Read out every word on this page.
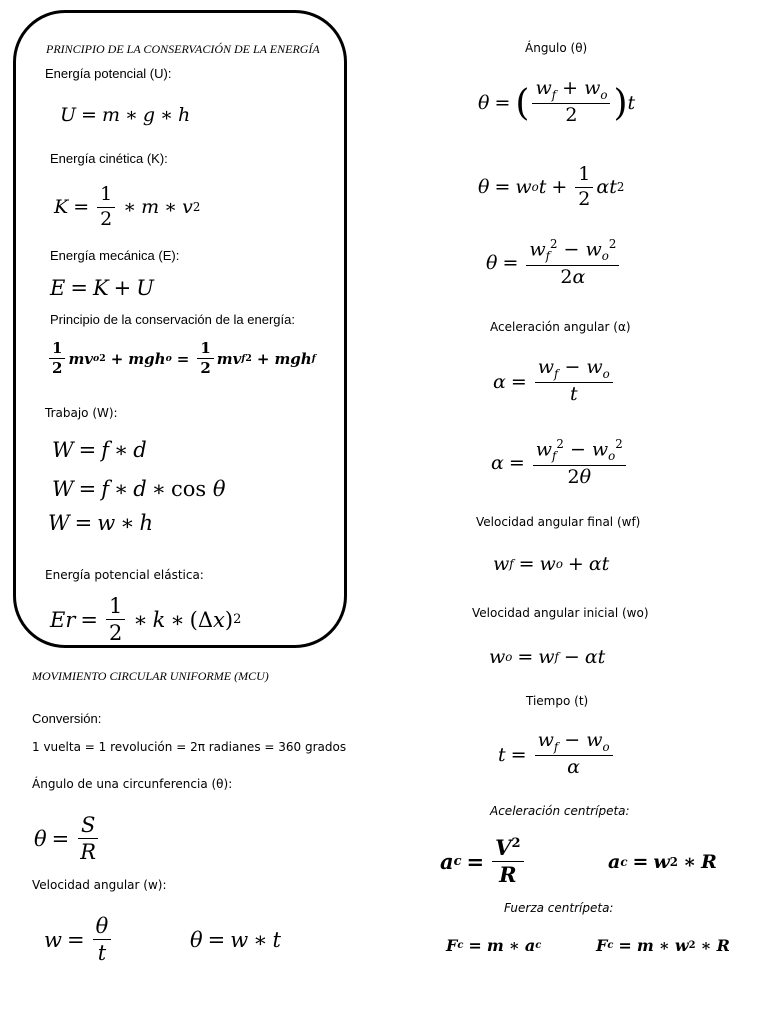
PRINCIPIO DE LA CONSERVACIÓN DE LA ENERGÍA
Energía potencial (U):
U = m ∗ g ∗ h
Energía cinética (K):
$K = \frac{1}{2}$ ∗ m ∗ v 2
Energía mecánica (E):
E = K + U
Principio de la conservación de la energía:
1
2
mv o 2 + mgh $o = \frac{1}{2}$ mv f 2 + mgh f
Trabajo (W):
W = f ∗ d
W = f ∗ d ∗ cos θ
W = w ∗ h
Energía potencial elástica:
$Er = \frac{1}{2}$ ∗ k ∗ (Δ x ) 2
MOVIMIENTO CIRCULAR UNIFORME (MCU)
Conversión:
1 vuelta = 1 revolución = 2π radianes = 360 grados
Ángulo de una circunferencia (θ):
$\theta = \frac{S}{R}$
Velocidad angular (w):
$w = \frac{\theta}{t}$	θ = w ∗ t
Ángulo (θ)
θ = ( $w_f + w_o$
2 ) t
θ = w o $t + \frac{1}{2}$ αt 2
$\theta = \frac{w_f^2 - w_o^2}{2\alpha}$
Aceleración angular (α)
$\alpha = \frac{w_f - w_o}{t}$
$\alpha = \frac{w_f^2 - w_o^2}{2\theta}$
Velocidad angular final (wf)
w f = w o + αt
Velocidad angular inicial (wo)
w o = w f − αt
Tiempo (t)
$t = \frac{w_f - w_o}{\alpha}$
Aceleración centrípeta:
a $c = \frac{V^2}{R}$	a c = w 2 ∗ R
Fuerza centrípeta:
F c = m ∗ a c	F c = m ∗ w 2 ∗ R
